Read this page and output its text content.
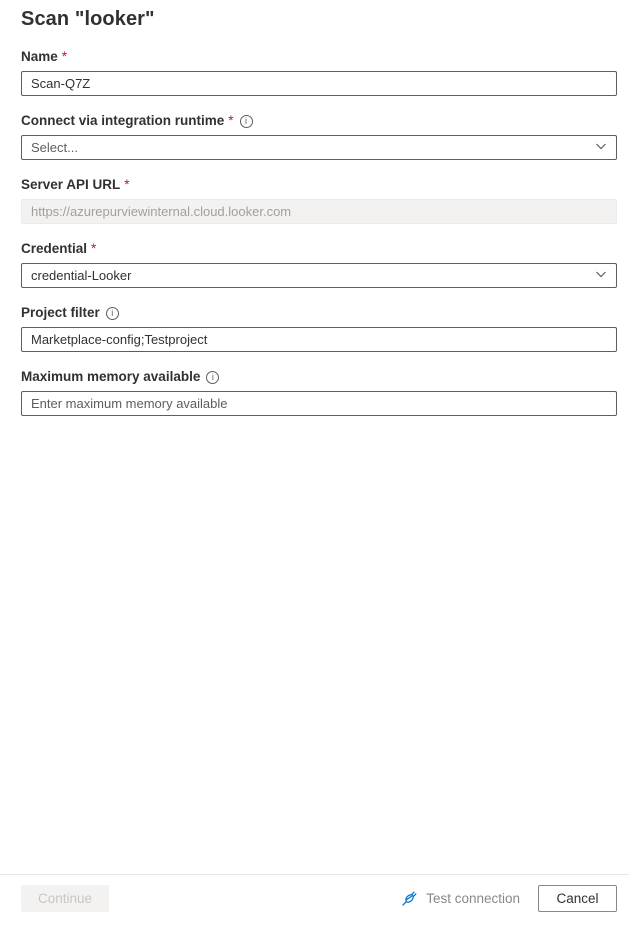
Scan "looker"
Name *
Scan-Q7Z
Connect via integration runtime *	i
Select...
Server API URL *
https://azurepurviewinternal.cloud.looker.com
Credential *
credential-Looker
Project filter	i
Marketplace-config;Testproject
Maximum memory available	i
Enter maximum memory available
Continue	Test connection	Cancel
